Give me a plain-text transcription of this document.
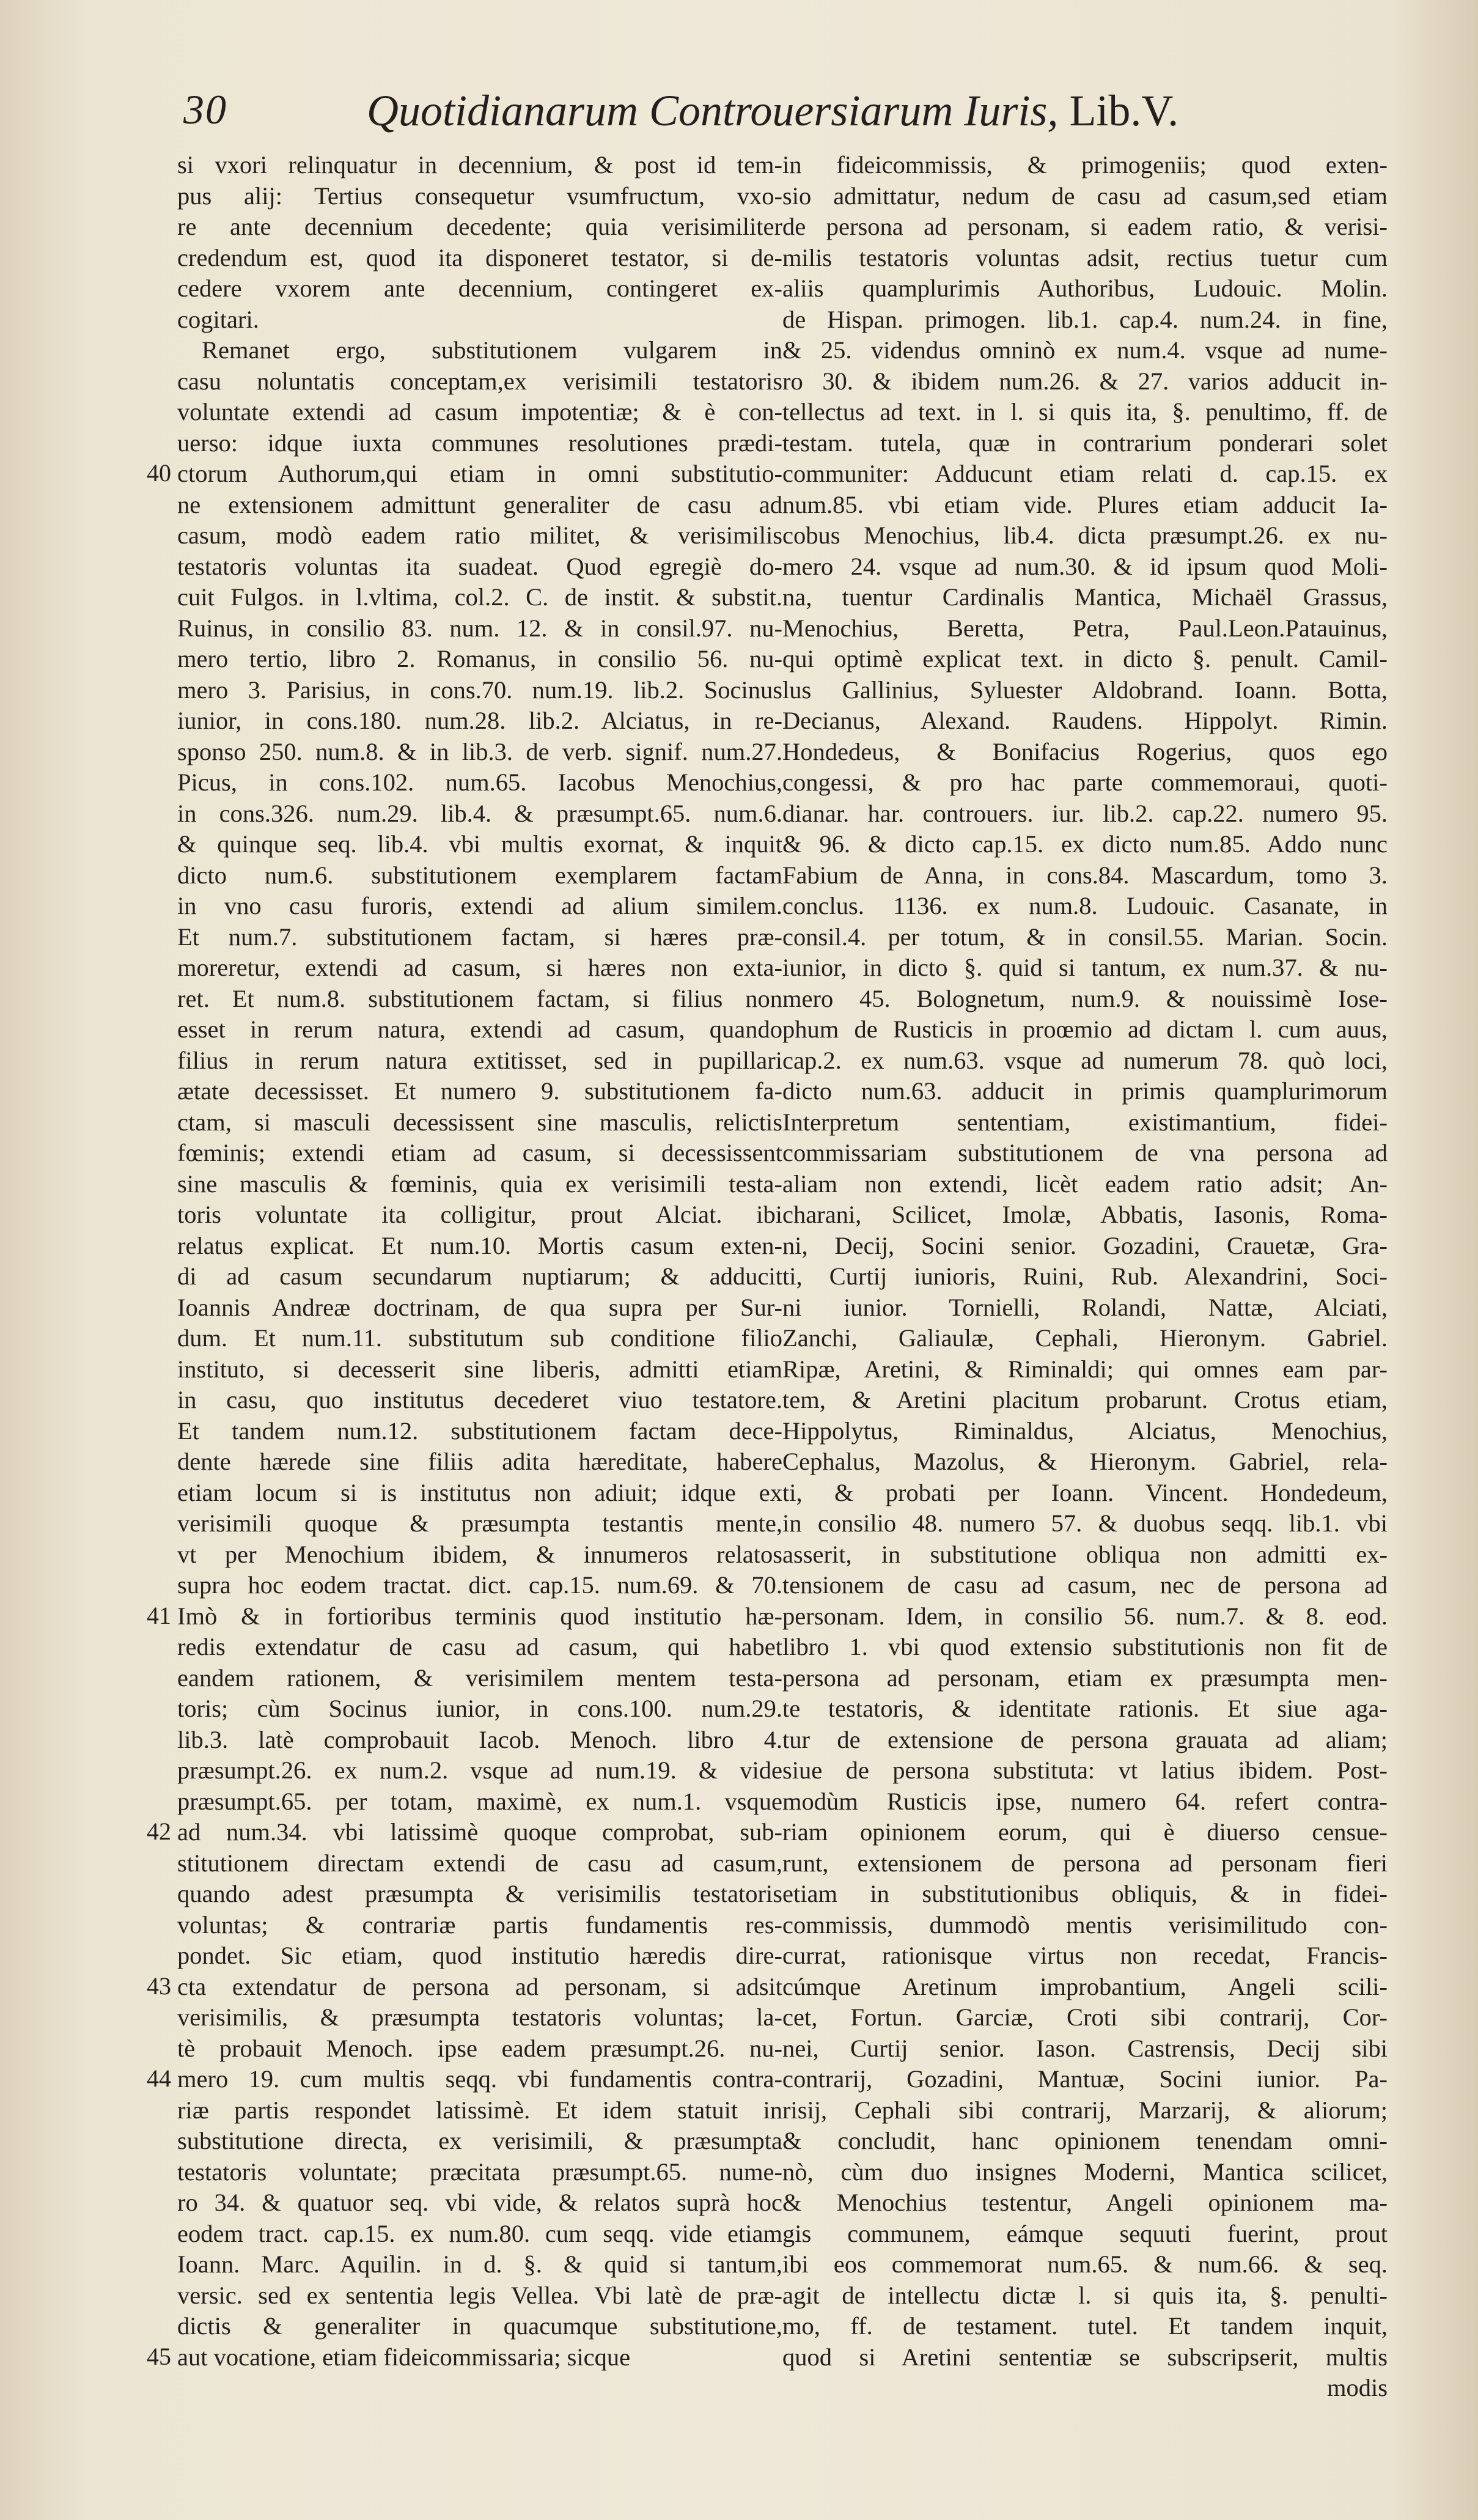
30	Quotidianarum Controuersiarum Iuris, Lib.V.
40
41
42
43
44
45
si vxori relinquatur in decennium, & post id tem-
pus alij: Tertius consequetur vsumfructum, vxo-
re ante decennium decedente; quia verisimiliter
credendum est, quod ita disponeret testator, si de-
cedere vxorem ante decennium, contingeret ex-
cogitari.
Remanet ergo, substitutionem vulgarem in
casu noluntatis conceptam,ex verisimili testatoris
voluntate extendi ad casum impotentiæ; & è con-
uerso: idque iuxta communes resolutiones prædi-
ctorum Authorum,qui etiam in omni substitutio-
ne extensionem admittunt generaliter de casu ad
casum, modò eadem ratio militet, & verisimilis
testatoris voluntas ita suadeat. Quod egregiè do-
cuit Fulgos. in l.vltima, col.2. C. de instit. & substit.
Ruinus, in consilio 83. num. 12. & in consil.97. nu-
mero tertio, libro 2. Romanus, in consilio 56. nu-
mero 3. Parisius, in cons.70. num.19. lib.2. Socinus
iunior, in cons.180. num.28. lib.2. Alciatus, in re-
sponso 250. num.8. & in lib.3. de verb. signif. num.27.
Picus, in cons.102. num.65. Iacobus Menochius,
in cons.326. num.29. lib.4. & præsumpt.65. num.6.
& quinque seq. lib.4. vbi multis exornat, & inquit
dicto num.6. substitutionem exemplarem factam
in vno casu furoris, extendi ad alium similem.
Et num.7. substitutionem factam, si hæres præ-
moreretur, extendi ad casum, si hæres non exta-
ret. Et num.8. substitutionem factam, si filius non
esset in rerum natura, extendi ad casum, quando
filius in rerum natura extitisset, sed in pupillari
ætate decessisset. Et numero 9. substitutionem fa-
ctam, si masculi decessissent sine masculis, relictis
fœminis; extendi etiam ad casum, si decessissent
sine masculis & fœminis, quia ex verisimili testa-
toris voluntate ita colligitur, prout Alciat. ibi
relatus explicat. Et num.10. Mortis casum exten-
di ad casum secundarum nuptiarum; & adducit
Ioannis Andreæ doctrinam, de qua supra per Sur-
dum. Et num.11. substitutum sub conditione filio
instituto, si decesserit sine liberis, admitti etiam
in casu, quo institutus decederet viuo testatore.
Et tandem num.12. substitutionem factam dece-
dente hærede sine filiis adita hæreditate, habere
etiam locum si is institutus non adiuit; idque ex
verisimili quoque & præsumpta testantis mente,
vt per Menochium ibidem, & innumeros relatos
supra hoc eodem tractat. dict. cap.15. num.69. & 70.
Imò & in fortioribus terminis quod institutio hæ-
redis extendatur de casu ad casum, qui habet
eandem rationem, & verisimilem mentem testa-
toris; cùm Socinus iunior, in cons.100. num.29.
lib.3. latè comprobauit Iacob. Menoch. libro 4.
præsumpt.26. ex num.2. vsque ad num.19. & vide
præsumpt.65. per totam, maximè, ex num.1. vsque
ad num.34. vbi latissimè quoque comprobat, sub-
stitutionem directam extendi de casu ad casum,
quando adest præsumpta & verisimilis testatoris
voluntas; & contrariæ partis fundamentis res-
pondet. Sic etiam, quod institutio hæredis dire-
cta extendatur de persona ad personam, si adsit
verisimilis, & præsumpta testatoris voluntas; la-
tè probauit Menoch. ipse eadem præsumpt.26. nu-
mero 19. cum multis seqq. vbi fundamentis contra-
riæ partis respondet latissimè. Et idem statuit in
substitutione directa, ex verisimili, & præsumpta
testatoris voluntate; præcitata præsumpt.65. nume-
ro 34. & quatuor seq. vbi vide, & relatos suprà hoc
eodem tract. cap.15. ex num.80. cum seqq. vide etiam
Ioann. Marc. Aquilin. in d. §. & quid si tantum,
versic. sed ex sententia legis Vellea. Vbi latè de præ-
dictis & generaliter in quacumque substitutione,
aut vocatione, etiam fideicommissaria; sicque
in fideicommissis, & primogeniis; quod exten-
sio admittatur, nedum de casu ad casum,sed etiam
de persona ad personam, si eadem ratio, & verisi-
milis testatoris voluntas adsit, rectius tuetur cum
aliis quamplurimis Authoribus, Ludouic. Molin.
de Hispan. primogen. lib.1. cap.4. num.24. in fine,
& 25. videndus omninò ex num.4. vsque ad nume-
ro 30. & ibidem num.26. & 27. varios adducit in-
tellectus ad text. in l. si quis ita, §. penultimo, ff. de
testam. tutela, quæ in contrarium ponderari solet
communiter: Adducunt etiam relati d. cap.15. ex
num.85. vbi etiam vide. Plures etiam adducit Ia-
cobus Menochius, lib.4. dicta præsumpt.26. ex nu-
mero 24. vsque ad num.30. & id ipsum quod Moli-
na, tuentur Cardinalis Mantica, Michaël Grassus,
Menochius, Beretta, Petra, Paul.Leon.Patauinus,
qui optimè explicat text. in dicto §. penult. Camil-
lus Gallinius, Syluester Aldobrand. Ioann. Botta,
Decianus, Alexand. Raudens. Hippolyt. Rimin.
Hondedeus, & Bonifacius Rogerius, quos ego
congessi, & pro hac parte commemoraui, quoti-
dianar. har. controuers. iur. lib.2. cap.22. numero 95.
& 96. & dicto cap.15. ex dicto num.85. Addo nunc
Fabium de Anna, in cons.84. Mascardum, tomo 3.
conclus. 1136. ex num.8. Ludouic. Casanate, in
consil.4. per totum, & in consil.55. Marian. Socin.
iunior, in dicto §. quid si tantum, ex num.37. & nu-
mero 45. Bolognetum, num.9. & nouissimè Iose-
phum de Rusticis in proœmio ad dictam l. cum auus,
cap.2. ex num.63. vsque ad numerum 78. quò loci,
dicto num.63. adducit in primis quamplurimorum
Interpretum sententiam, existimantium, fidei-
commissariam substitutionem de vna persona ad
aliam non extendi, licèt eadem ratio adsit; An-
charani, Scilicet, Imolæ, Abbatis, Iasonis, Roma-
ni, Decij, Socini senior. Gozadini, Crauetæ, Gra-
ti, Curtij iunioris, Ruini, Rub. Alexandrini, Soci-
ni iunior. Tornielli, Rolandi, Nattæ, Alciati,
Zanchi, Galiaulæ, Cephali, Hieronym. Gabriel.
Ripæ, Aretini, & Riminaldi; qui omnes eam par-
tem, & Aretini placitum probarunt. Crotus etiam,
Hippolytus, Riminaldus, Alciatus, Menochius,
Cephalus, Mazolus, & Hieronym. Gabriel, rela-
ti, & probati per Ioann. Vincent. Hondedeum,
in consilio 48. numero 57. & duobus seqq. lib.1. vbi
asserit, in substitutione obliqua non admitti ex-
tensionem de casu ad casum, nec de persona ad
personam. Idem, in consilio 56. num.7. & 8. eod.
libro 1. vbi quod extensio substitutionis non fit de
persona ad personam, etiam ex præsumpta men-
te testatoris, & identitate rationis. Et siue aga-
tur de extensione de persona grauata ad aliam;
siue de persona substituta: vt latius ibidem. Post-
modùm Rusticis ipse, numero 64. refert contra-
riam opinionem eorum, qui è diuerso censue-
runt, extensionem de persona ad personam fieri
etiam in substitutionibus obliquis, & in fidei-
commissis, dummodò mentis verisimilitudo con-
currat, rationisque virtus non recedat, Francis-
cúmque Aretinum improbantium, Angeli scili-
cet, Fortun. Garciæ, Croti sibi contrarij, Cor-
nei, Curtij senior. Iason. Castrensis, Decij sibi
contrarij, Gozadini, Mantuæ, Socini iunior. Pa-
risij, Cephali sibi contrarij, Marzarij, & aliorum;
& concludit, hanc opinionem tenendam omni-
nò, cùm duo insignes Moderni, Mantica scilicet,
& Menochius testentur, Angeli opinionem ma-
gis communem, eámque sequuti fuerint, prout
ibi eos commemorat num.65. & num.66. & seq.
agit de intellectu dictæ l. si quis ita, §. penulti-
mo, ff. de testament. tutel. Et tandem inquit,
quod si Aretini sententiæ se subscripserit, multis
modis
